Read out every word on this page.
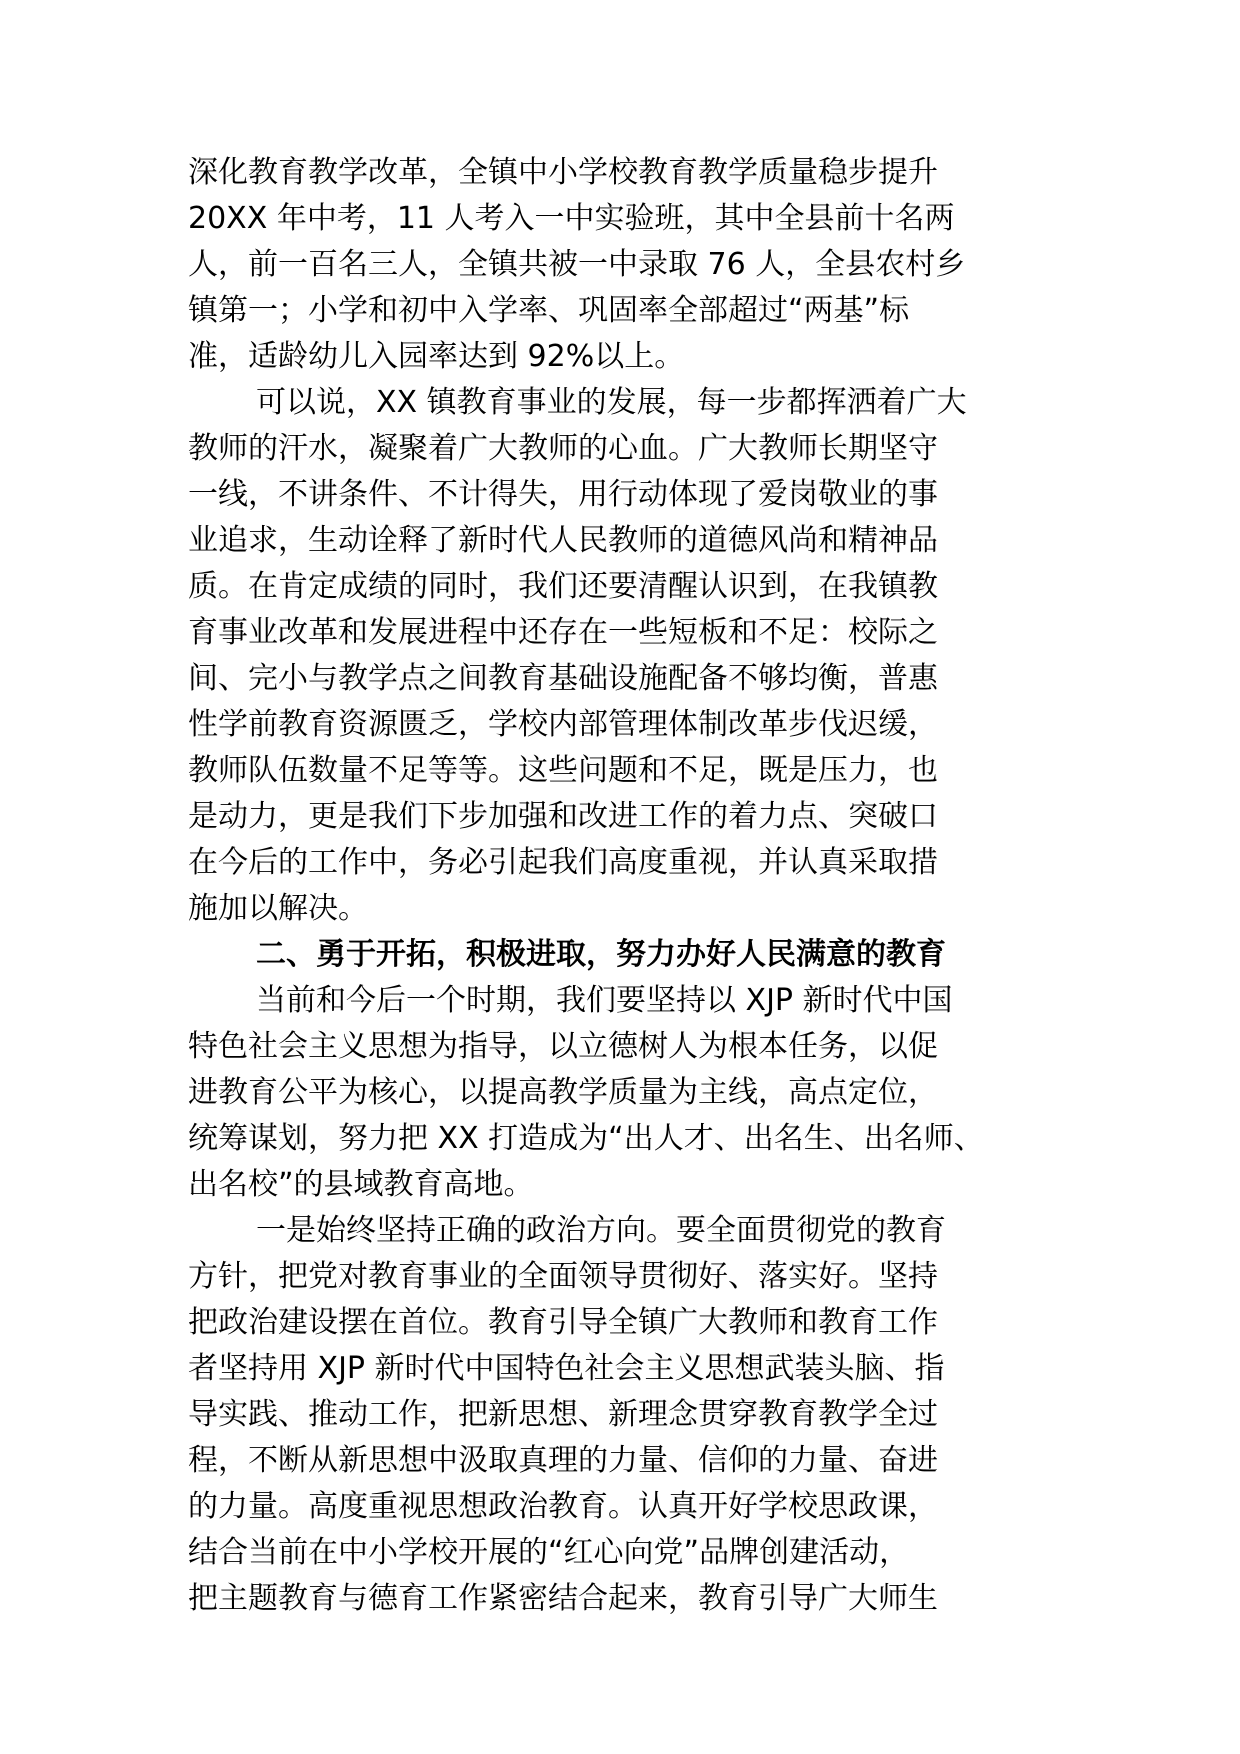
深化教育教学改革，全镇中小学校教育教学质量稳步提升
20XX 年中考，11 人考入一中实验班，其中全县前十名两
人，前一百名三人，全镇共被一中录取 76 人，全县农村乡
镇第一；小学和初中入学率、巩固率全部超过“两基”标
准，适龄幼儿入园率达到 92%以上。
可以说，XX 镇教育事业的发展，每一步都挥洒着广大
教师的汗水，凝聚着广大教师的心血。广大教师长期坚守
一线，不讲条件、不计得失，用行动体现了爱岗敬业的事
业追求，生动诠释了新时代人民教师的道德风尚和精神品
质。在肯定成绩的同时，我们还要清醒认识到，在我镇教
育事业改革和发展进程中还存在一些短板和不足：校际之
间、完小与教学点之间教育基础设施配备不够均衡，普惠
性学前教育资源匮乏，学校内部管理体制改革步伐迟缓，
教师队伍数量不足等等。这些问题和不足，既是压力，也
是动力，更是我们下步加强和改进工作的着力点、突破口
在今后的工作中，务必引起我们高度重视，并认真采取措
施加以解决。
二、勇于开拓，积极进取，努力办好人民满意的教育
当前和今后一个时期，我们要坚持以 XJP 新时代中国
特色社会主义思想为指导，以立德树人为根本任务，以促
进教育公平为核心，以提高教学质量为主线，高点定位，
统筹谋划，努力把 XX 打造成为“出人才、出名生、出名师、
出名校”的县域教育高地。
一是始终坚持正确的政治方向。要全面贯彻党的教育
方针，把党对教育事业的全面领导贯彻好、落实好。坚持
把政治建设摆在首位。教育引导全镇广大教师和教育工作
者坚持用 XJP 新时代中国特色社会主义思想武装头脑、指
导实践、推动工作，把新思想、新理念贯穿教育教学全过
程，不断从新思想中汲取真理的力量、信仰的力量、奋进
的力量。高度重视思想政治教育。认真开好学校思政课，
结合当前在中小学校开展的“红心向党”品牌创建活动，
把主题教育与德育工作紧密结合起来，教育引导广大师生
